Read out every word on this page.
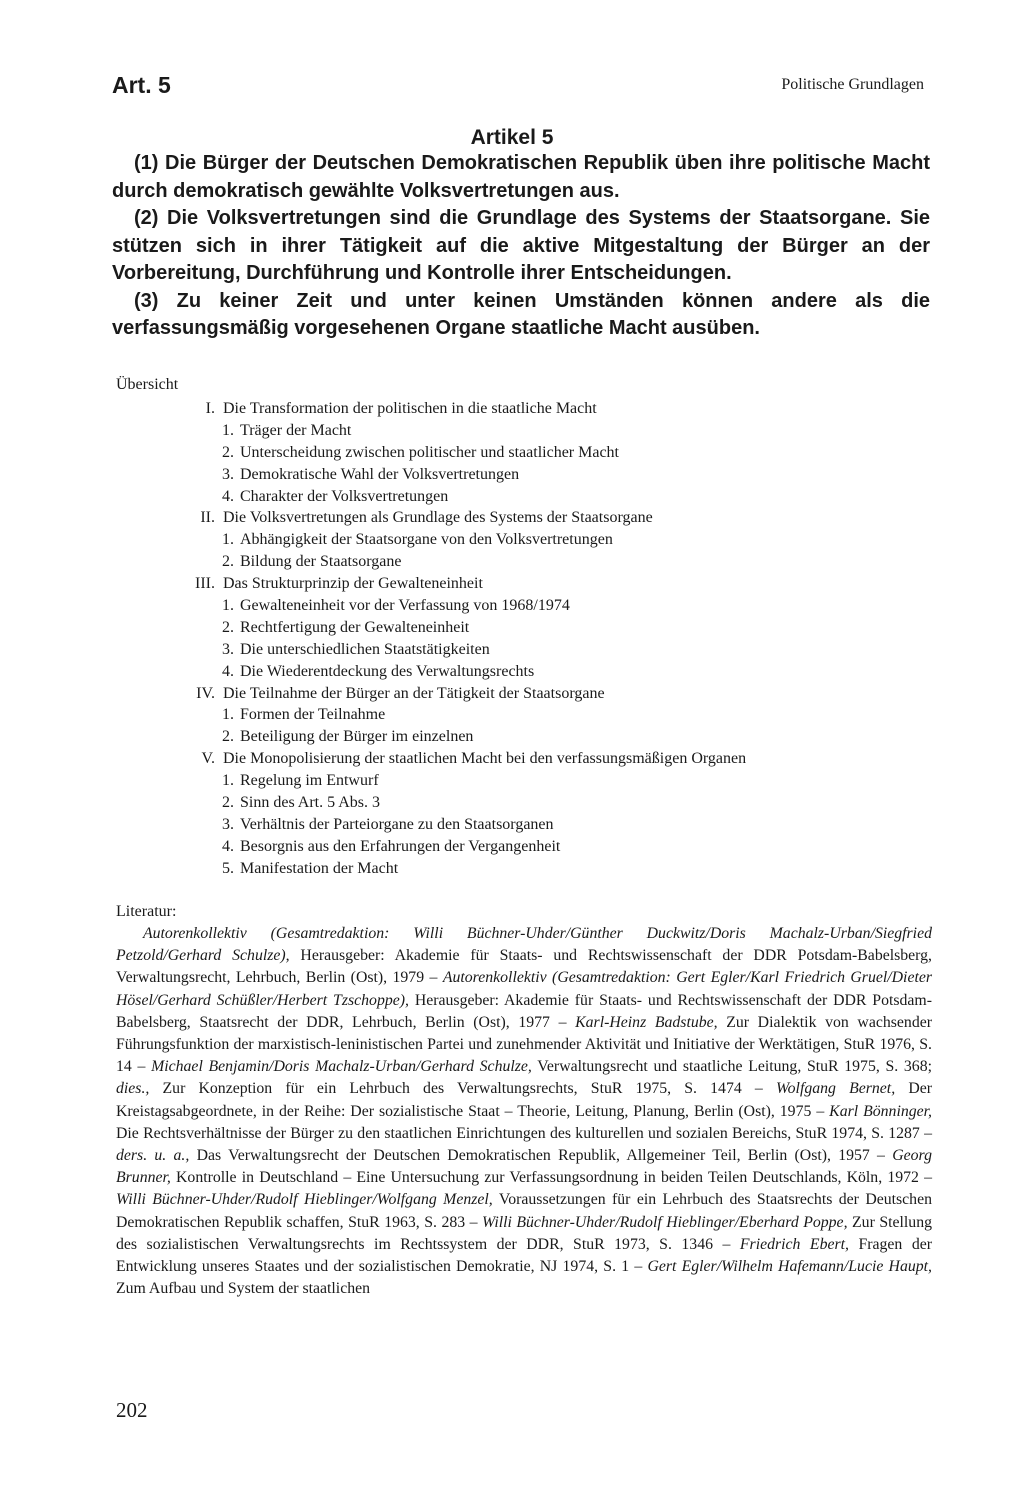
Art. 5	Politische Grundlagen
Artikel 5

(1) Die Bürger der Deutschen Demokratischen Republik üben ihre politische Macht durch demokratisch gewählte Volksvertretungen aus.

(2) Die Volksvertretungen sind die Grundlage des Systems der Staatsorgane. Sie stützen sich in ihrer Tätigkeit auf die aktive Mitgestaltung der Bürger an der Vorbereitung, Durchführung und Kontrolle ihrer Entscheidungen.

(3) Zu keiner Zeit und unter keinen Umständen können andere als die verfassungsmäßig vorgesehenen Organe staatliche Macht ausüben.

Übersicht
I. Die Transformation der politischen in die staatliche Macht
1. Träger der Macht
2. Unterscheidung zwischen politischer und staatlicher Macht
3. Demokratische Wahl der Volksvertretungen
4. Charakter der Volksvertretungen
II. Die Volksvertretungen als Grundlage des Systems der Staatsorgane
1. Abhängigkeit der Staatsorgane von den Volksvertretungen
2. Bildung der Staatsorgane
III. Das Strukturprinzip der Gewalteneinheit
1. Gewalteneinheit vor der Verfassung von 1968/1974
2. Rechtfertigung der Gewalteneinheit
3. Die unterschiedlichen Staatstätigkeiten
4. Die Wiederentdeckung des Verwaltungsrechts
IV. Die Teilnahme der Bürger an der Tätigkeit der Staatsorgane
1. Formen der Teilnahme
2. Beteiligung der Bürger im einzelnen
V. Die Monopolisierung der staatlichen Macht bei den verfassungsmäßigen Organen
1. Regelung im Entwurf
2. Sinn des Art. 5 Abs. 3
3. Verhältnis der Parteiorgane zu den Staatsorganen
4. Besorgnis aus den Erfahrungen der Vergangenheit
5. Manifestation der Macht
Literatur:

Autorenkollektiv (Gesamtredaktion: Willi Büchner-Uhder/Günther Duckwitz/Doris Machalz-Urban/Siegfried Petzold/Gerhard Schulze), Herausgeber: Akademie für Staats- und Rechtswissenschaft der DDR Potsdam-Babelsberg, Verwaltungsrecht, Lehrbuch, Berlin (Ost), 1979 – Autorenkollektiv (Gesamtredaktion: Gert Egler/Karl Friedrich Gruel/Dieter Hösel/Gerhard Schüßler/Herbert Tzschoppe), Herausgeber: Akademie für Staats- und Rechtswissenschaft der DDR Potsdam-Babelsberg, Staatsrecht der DDR, Lehrbuch, Berlin (Ost), 1977 – Karl-Heinz Badstube, Zur Dialektik von wachsender Führungsfunktion der marxistisch-leninistischen Partei und zunehmender Aktivität und Initiative der Werktätigen, StuR 1976, S. 14 – Michael Benjamin/Doris Machalz-Urban/Gerhard Schulze, Verwaltungsrecht und staatliche Leitung, StuR 1975, S. 368; dies., Zur Konzeption für ein Lehrbuch des Verwaltungsrechts, StuR 1975, S. 1474 – Wolfgang Bernet, Der Kreistagsabgeordnete, in der Reihe: Der sozialistische Staat – Theorie, Leitung, Planung, Berlin (Ost), 1975 – Karl Bönninger, Die Rechtsverhältnisse der Bürger zu den staatlichen Einrichtungen des kulturellen und sozialen Bereichs, StuR 1974, S. 1287 – ders. u. a., Das Verwaltungsrecht der Deutschen Demokratischen Republik, Allgemeiner Teil, Berlin (Ost), 1957 – Georg Brunner, Kontrolle in Deutschland – Eine Untersuchung zur Verfassungsordnung in beiden Teilen Deutschlands, Köln, 1972 – Willi Büchner-Uhder/Rudolf Hieblinger/Wolfgang Menzel, Voraussetzungen für ein Lehrbuch des Staatsrechts der Deutschen Demokratischen Republik schaffen, StuR 1963, S. 283 – Willi Büchner-Uhder/Rudolf Hieblinger/Eberhard Poppe, Zur Stellung des sozialistischen Verwaltungsrechts im Rechtssystem der DDR, StuR 1973, S. 1346 – Friedrich Ebert, Fragen der Entwicklung unseres Staates und der sozialistischen Demokratie, NJ 1974, S. 1 – Gert Egler/Wilhelm Hafemann/Lucie Haupt, Zum Aufbau und System der staatlichen

202
